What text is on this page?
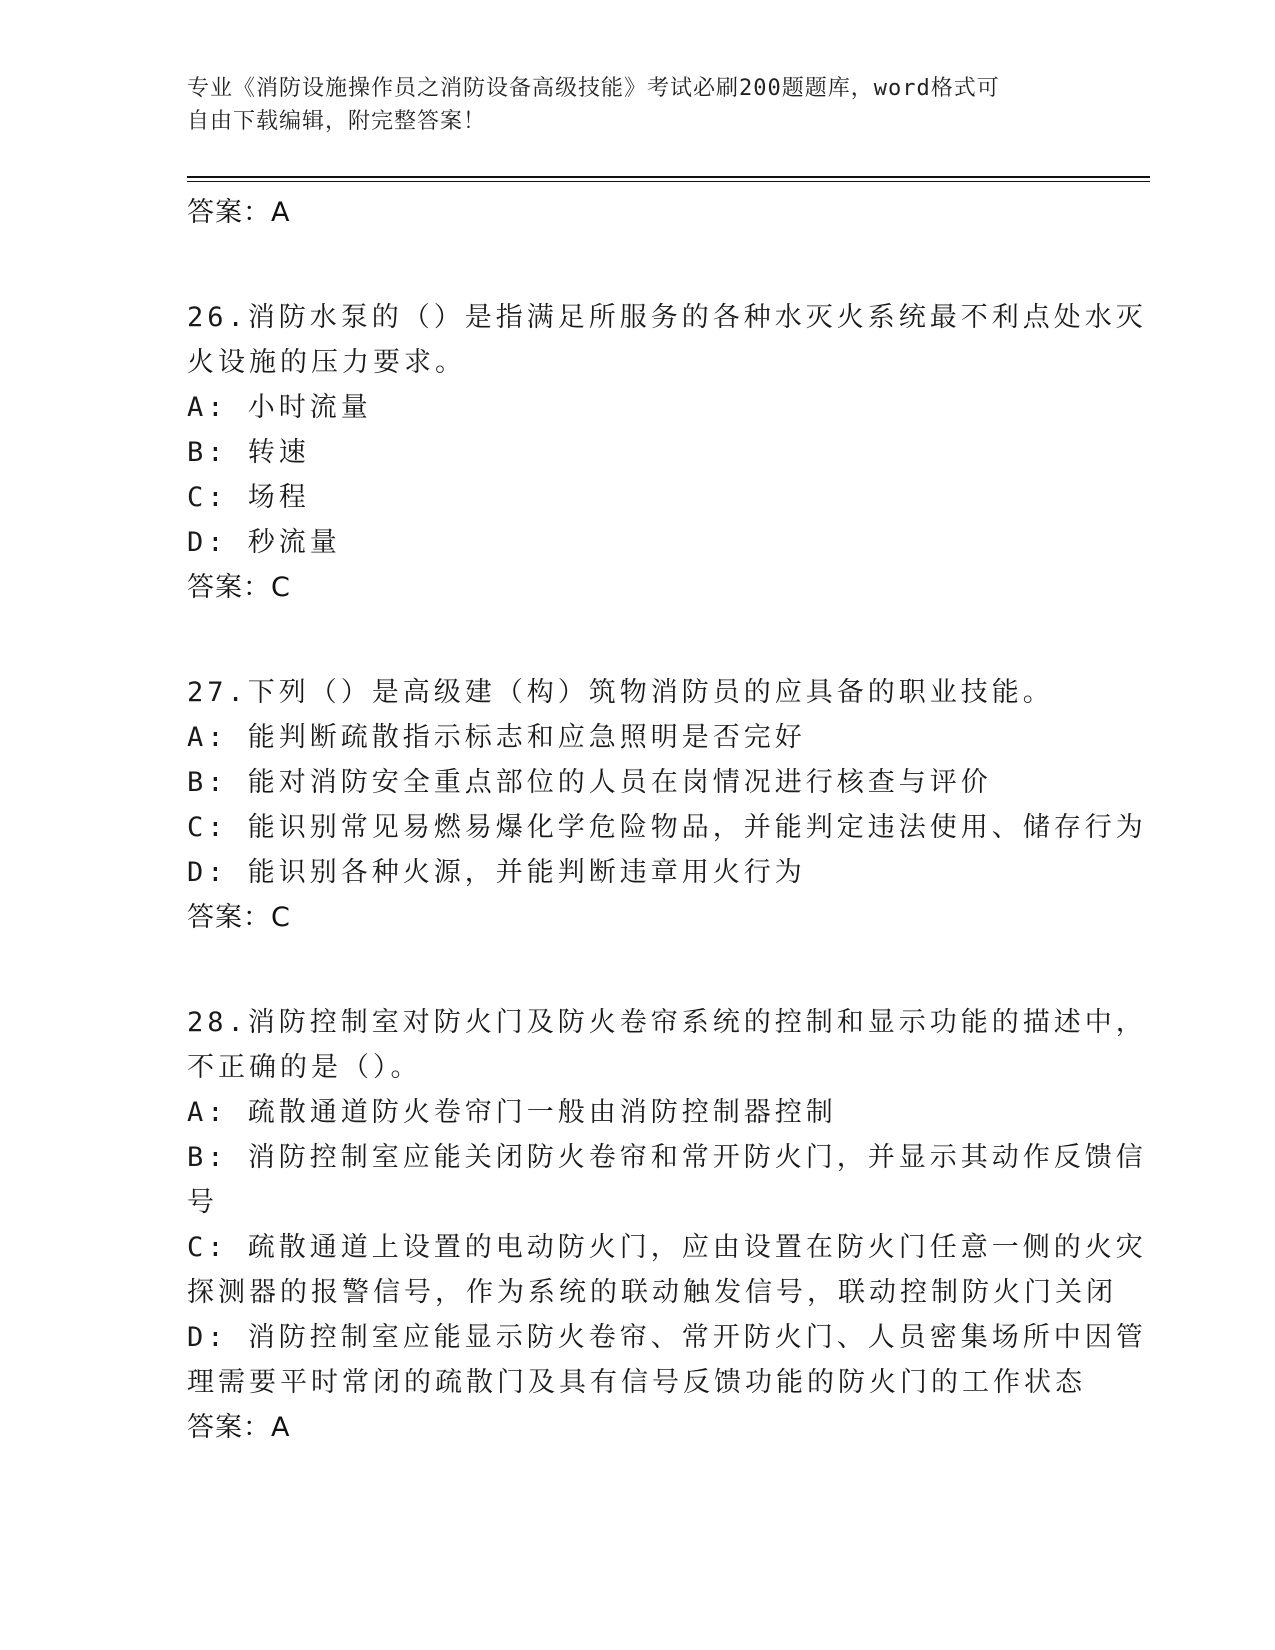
专业《消防设施操作员之消防设备高级技能》考试必刷200题题库，word格式可
自由下载编辑，附完整答案！
答案：A
26.消防水泵的（）是指满足所服务的各种水灭火系统最不利点处水灭
火设施的压力要求。
A: 小时流量
B: 转速
C: 场程
D: 秒流量
答案：C
27.下列（）是高级建（构）筑物消防员的应具备的职业技能。
A: 能判断疏散指示标志和应急照明是否完好
B: 能对消防安全重点部位的人员在岗情况进行核查与评价
C: 能识别常见易燃易爆化学危险物品，并能判定违法使用、储存行为
D: 能识别各种火源，并能判断违章用火行为
答案：C
28.消防控制室对防火门及防火卷帘系统的控制和显示功能的描述中，
不正确的是（）。
A: 疏散通道防火卷帘门一般由消防控制器控制
B: 消防控制室应能关闭防火卷帘和常开防火门，并显示其动作反馈信
号
C: 疏散通道上设置的电动防火门，应由设置在防火门任意一侧的火灾
探测器的报警信号，作为系统的联动触发信号，联动控制防火门关闭
D: 消防控制室应能显示防火卷帘、常开防火门、人员密集场所中因管
理需要平时常闭的疏散门及具有信号反馈功能的防火门的工作状态
答案：A
